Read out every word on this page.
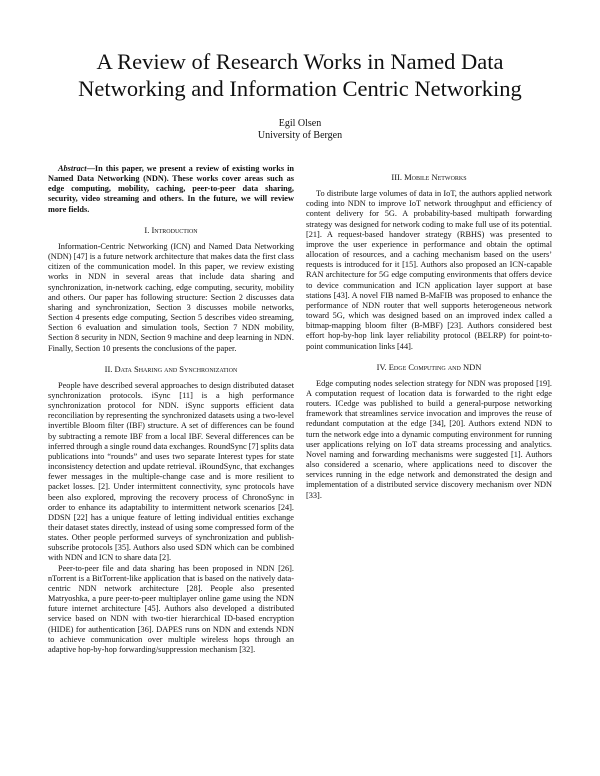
A Review of Research Works in Named Data Networking and Information Centric Networking
Egil Olsen
University of Bergen

Abstract—In this paper, we present a review of existing works in Named Data Networking (NDN). These works cover areas such as edge computing, mobility, caching, peer-to-peer data sharing, security, video streaming and others. In the future, we will review more fields.

I. Introduction

Information-Centric Networking (ICN) and Named Data Networking (NDN) [47] is a future network architecture that makes data the first class citizen of the communication model. In this paper, we review existing works in NDN in several areas that include data sharing and synchronization, in-network caching, edge computing, security, mobility and others. Our paper has following structure: Section 2 discusses data sharing and synchronization, Section 3 discusses mobile networks, Section 4 presents edge computing, Section 5 describes video streaming, Section 6 evaluation and simulation tools, Section 7 NDN mobility, Section 8 security in NDN, Section 9 machine and deep learning in NDN. Finally, Section 10 presents the conclusions of the paper.

II. Data Sharing and Synchronization

People have described several approaches to design distributed dataset synchronization protocols. iSync [11] is a high performance synchronization protocol for NDN. iSync supports efficient data reconciliation by representing the synchronized datasets using a two-level invertible Bloom filter (IBF) structure. A set of differences can be found by subtracting a remote IBF from a local IBF. Several differences can be inferred through a single round data exchanges. RoundSync [7] splits data publications into “rounds” and uses two separate Interest types for state inconsistency detection and update retrieval. iRoundSync, that exchanges fewer messages in the multiple-change case and is more resilient to packet losses. [2]. Under intermittent connectivity, sync protocols have been also explored, mproving the recovery process of ChronoSync in order to enhance its adaptability to intermittent network scenarios [24]. DDSN [22] has a unique feature of letting individual entities exchange their dataset states directly, instead of using some compressed form of the states. Other people performed surveys of synchronization and publish-subscribe protocols [35]. Authors also used SDN which can be combined with NDN and ICN to share data [2].

Peer-to-peer file and data sharing has been proposed in NDN [26]. nTorrent is a BitTorrent-like application that is based on the natively data-centric NDN network architecture [28]. People also presented Matryoshka, a pure peer-to-peer multiplayer online game using the NDN future internet architecture [45]. Authors also developed a distributed service based on NDN with two-tier hierarchical ID-based encryption (HIDE) for authentication [36]. DAPES runs on NDN and extends NDN to achieve communication over multiple wireless hops through an adaptive hop-by-hop forwarding/suppression mechanism [32].

III. Mobile Networks

To distribute large volumes of data in IoT, the authors applied network coding into NDN to improve IoT network throughput and efficiency of content delivery for 5G. A probability-based multipath forwarding strategy was designed for network coding to make full use of its potential. [21]. A request-based handover strategy (RBHS) was presented to improve the user experience in performance and obtain the optimal allocation of resources, and a caching mechanism based on the users’ requests is introduced for it [15]. Authors also proposed an ICN-capable RAN architecture for 5G edge computing environments that offers device to device communication and ICN application layer support at base stations [43]. A novel FIB named B-MaFIB was proposed to enhance the performance of NDN router that well supports heterogeneous network toward 5G, which was designed based on an improved index called a bitmap-mapping bloom filter (B-MBF) [23]. Authors considered best effort hop-by-hop link layer reliability protocol (BELRP) for point-to-point communication links [44].

IV. Edge Computing and NDN

Edge computing nodes selection strategy for NDN was proposed [19]. A computation request of location data is forwarded to the right edge routers. ICedge was published to build a general-purpose networking framework that streamlines service invocation and improves the reuse of redundant computation at the edge [34], [20]. Authors extend NDN to turn the network edge into a dynamic computing environment for running user applications relying on IoT data streams processing and analytics. Novel naming and forwarding mechanisms were suggested [1]. Authors also considered a scenario, where applications need to discover the services running in the edge network and demonstrated the design and implementation of a distributed service discovery mechanism over NDN [33].
